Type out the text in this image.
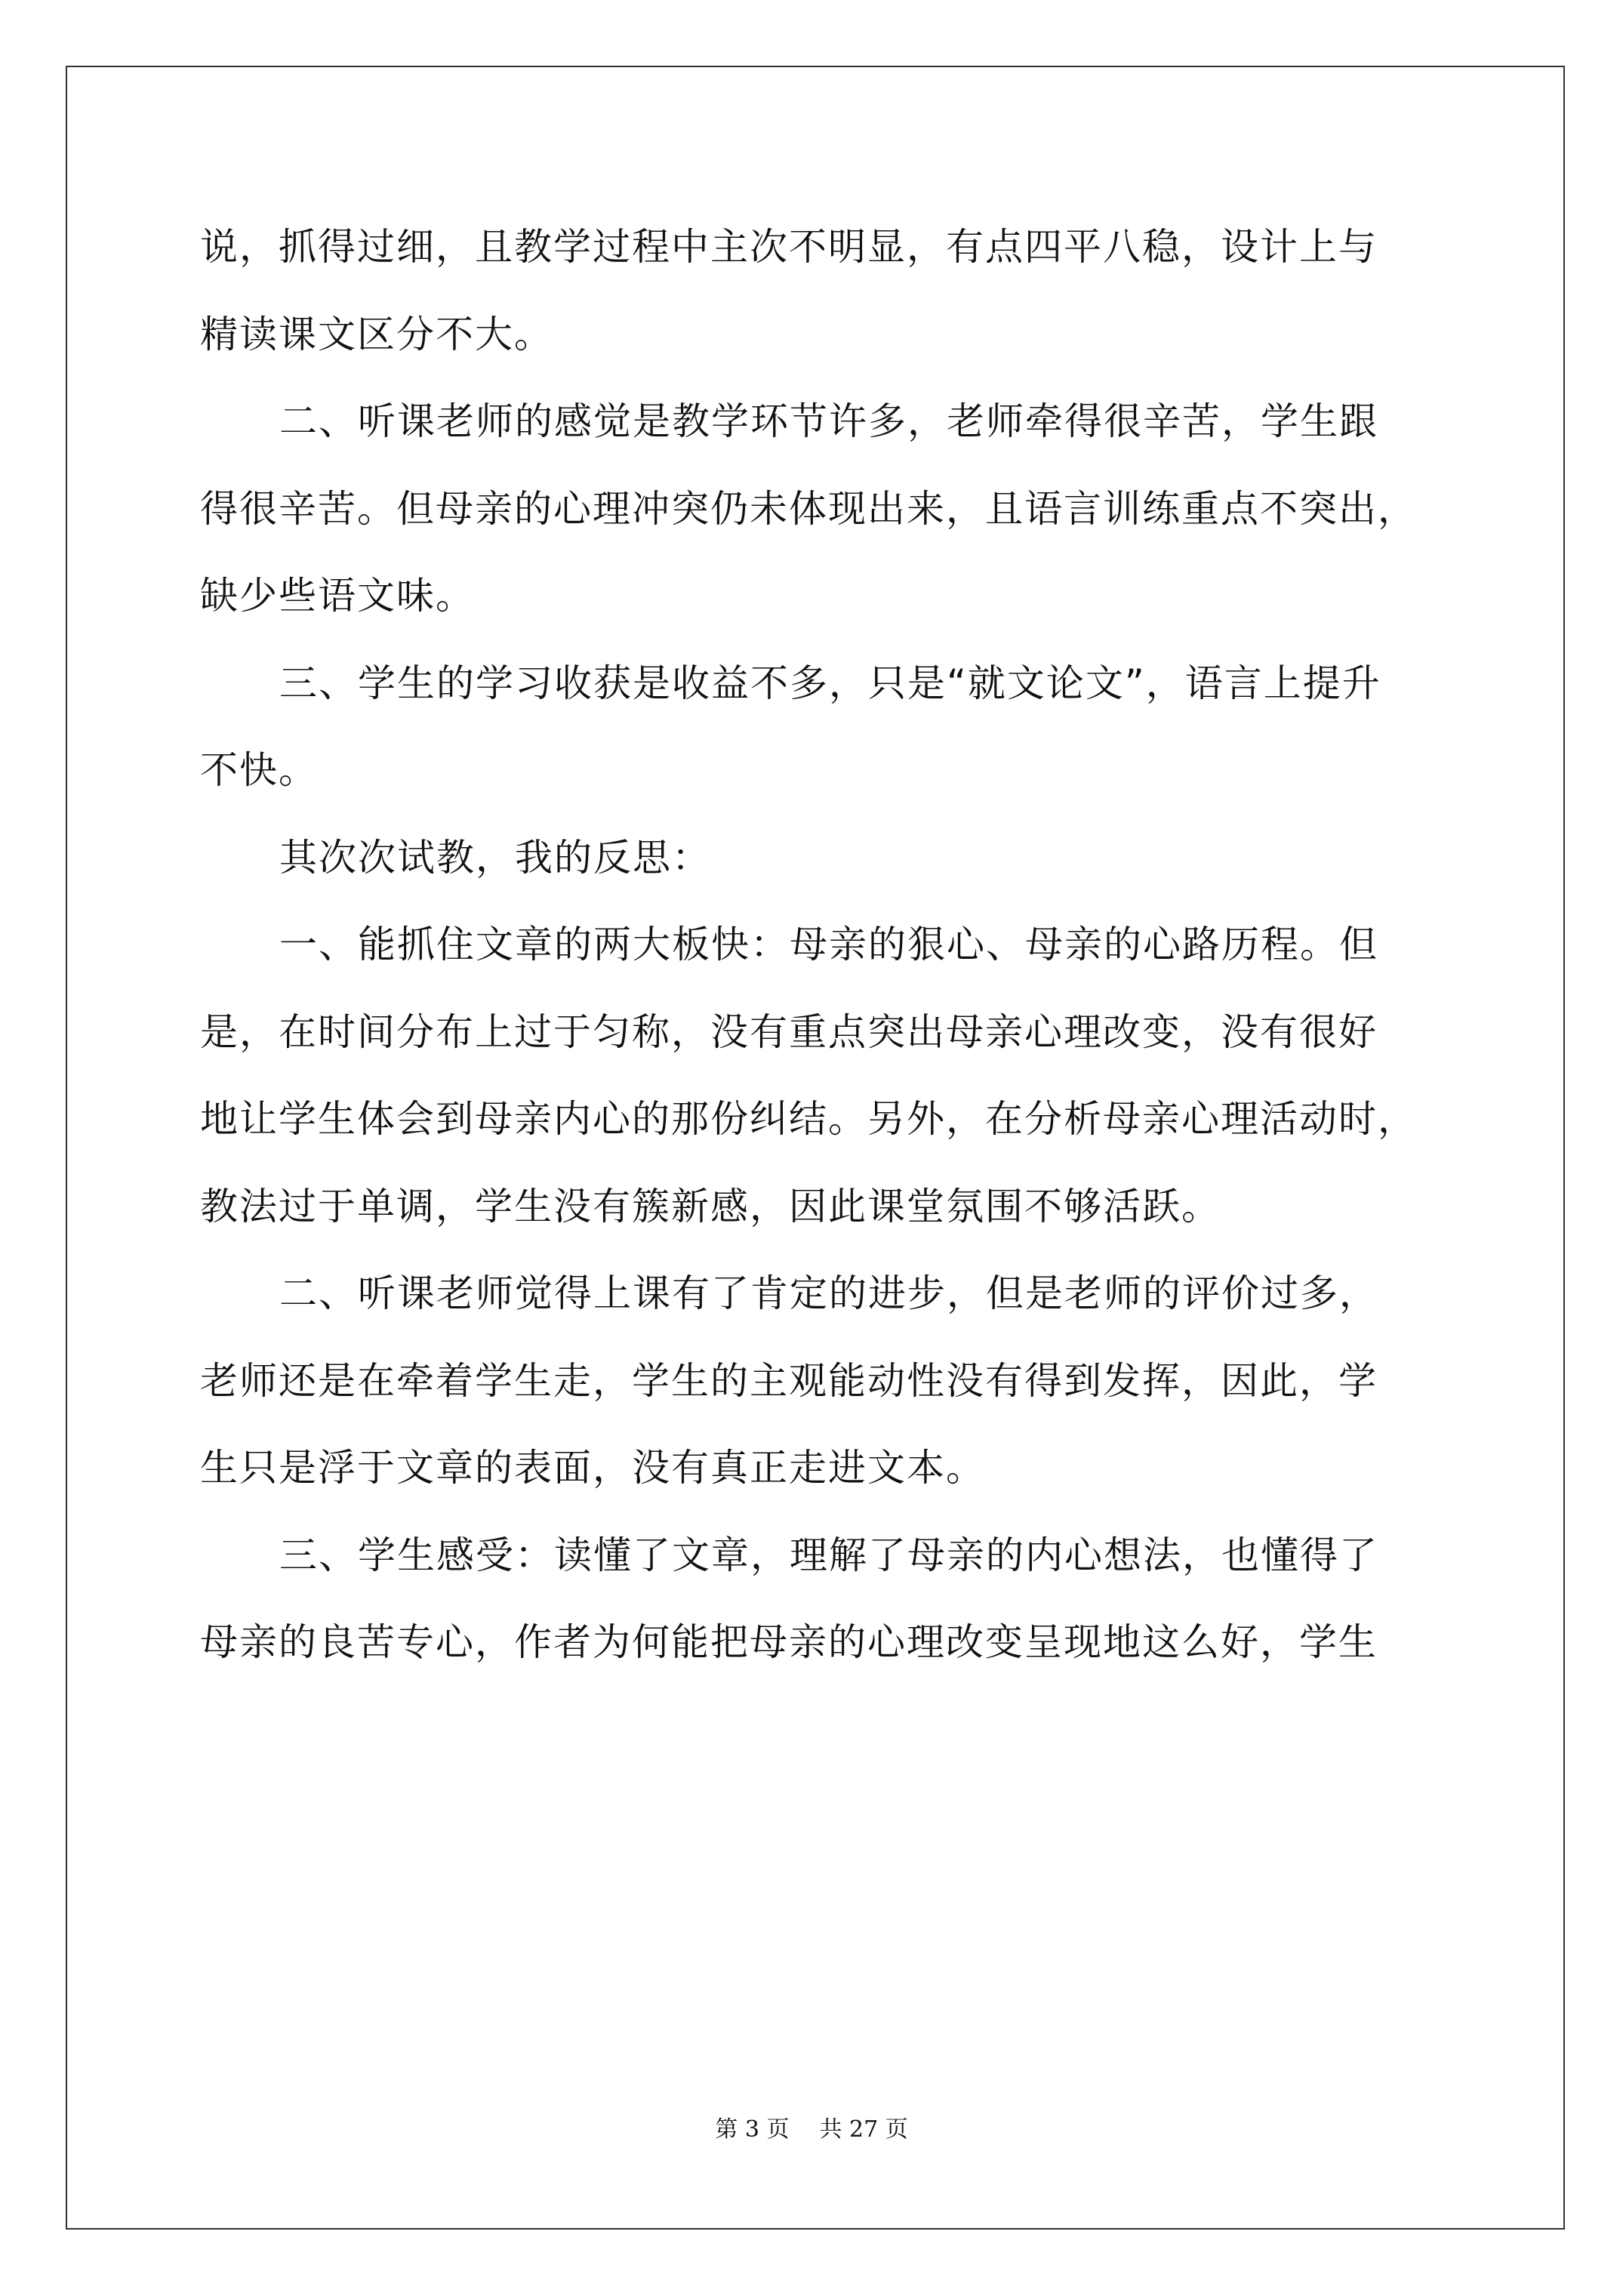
说，抓得过细，且教学过程中主次不明显，有点四平八稳，设计上与
精读课文区分不大。
二、听课老师的感觉是教学环节许多，老师牵得很辛苦，学生跟
得很辛苦。但母亲的心理冲突仍未体现出来，且语言训练重点不突出，
缺少些语文味。
三、学生的学习收获是收益不多，只是“就文论文”，语言上提升
不快。
其次次试教，我的反思：
一、能抓住文章的两大板快：母亲的狠心、母亲的心路历程。但
是，在时间分布上过于匀称，没有重点突出母亲心理改变，没有很好
地让学生体会到母亲内心的那份纠结。另外，在分析母亲心理活动时，
教法过于单调，学生没有簇新感，因此课堂氛围不够活跃。
二、听课老师觉得上课有了肯定的进步，但是老师的评价过多，
老师还是在牵着学生走，学生的主观能动性没有得到发挥，因此，学
生只是浮于文章的表面，没有真正走进文本。
三、学生感受：读懂了文章，理解了母亲的内心想法，也懂得了
母亲的良苦专心，作者为何能把母亲的心理改变呈现地这么好，学生
第 3 页 共 27 页
